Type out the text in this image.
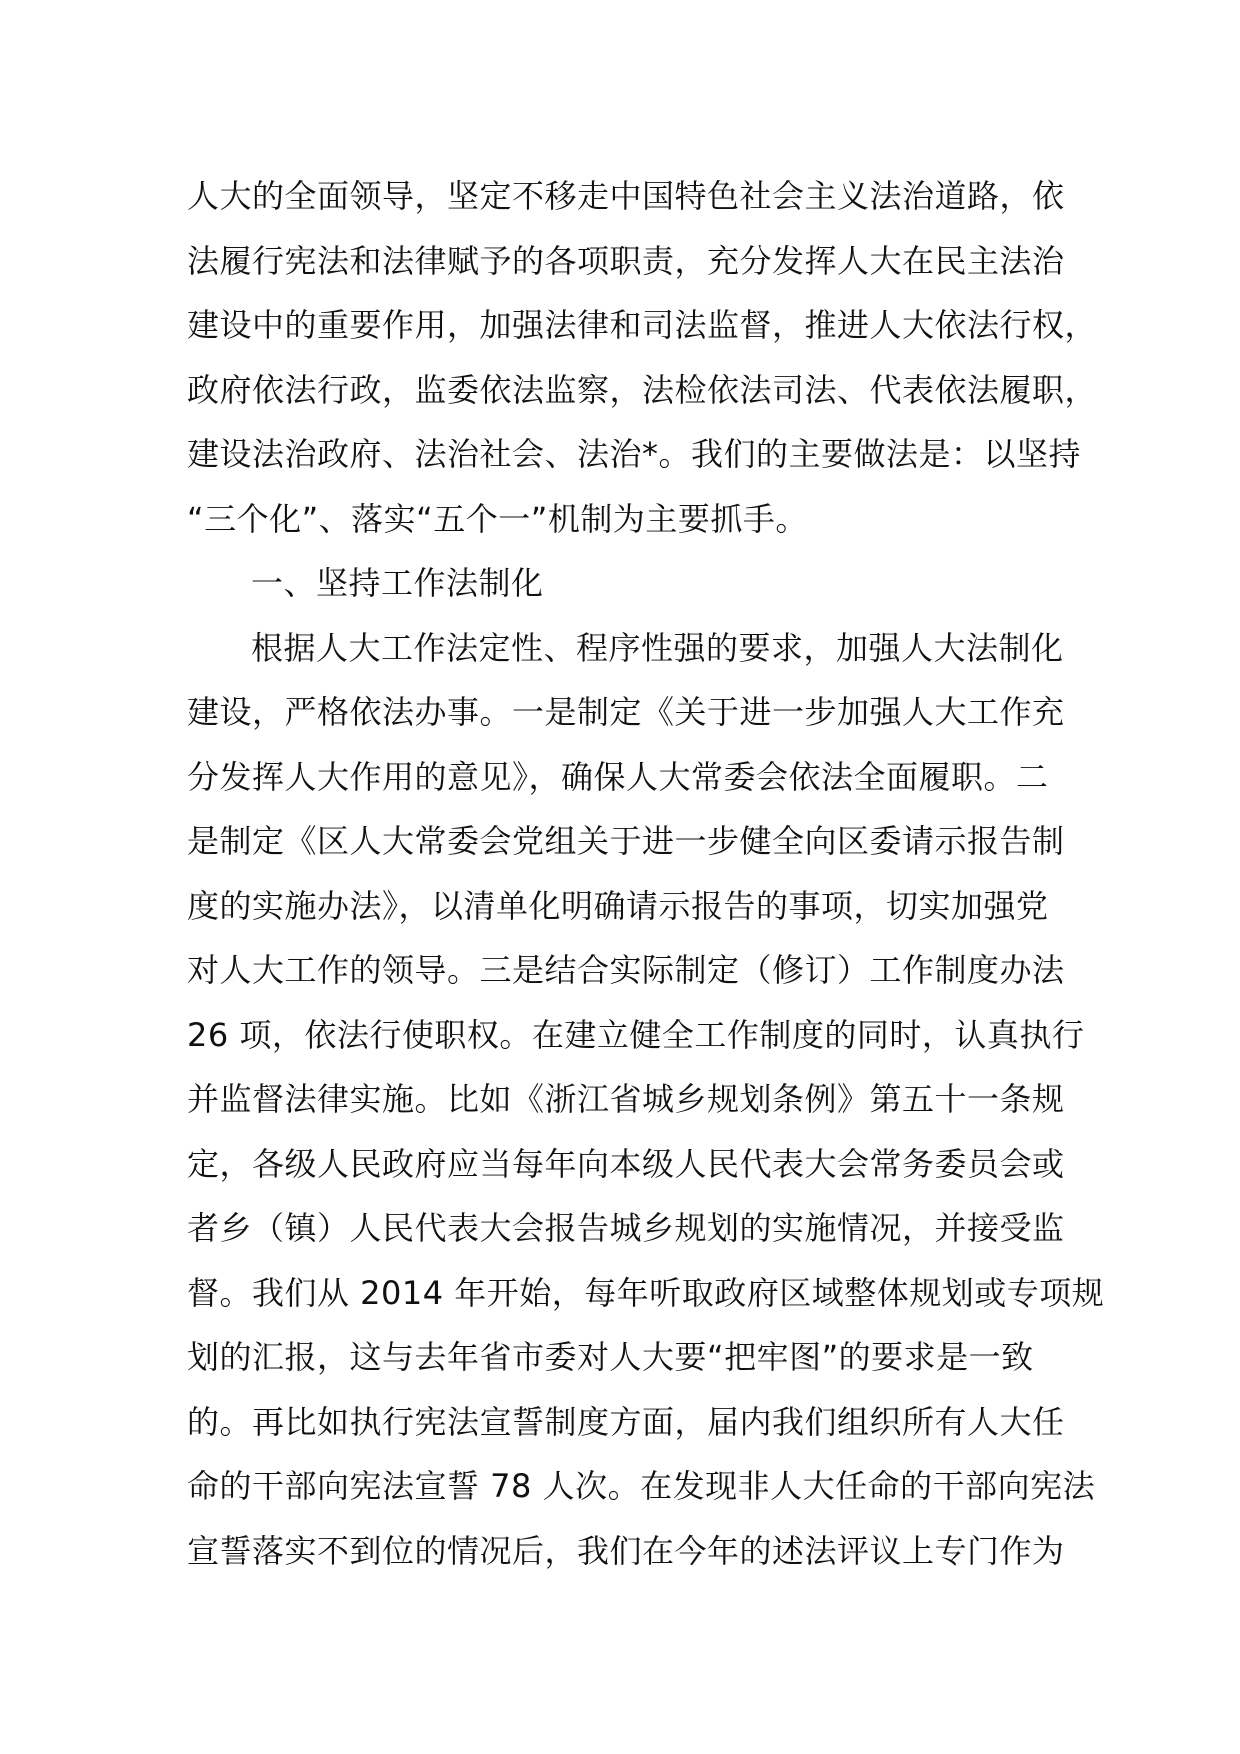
人大的全面领导，坚定不移走中国特色社会主义法治道路，依
法履行宪法和法律赋予的各项职责，充分发挥人大在民主法治
建设中的重要作用，加强法律和司法监督，推进人大依法行权，
政府依法行政，监委依法监察，法检依法司法、代表依法履职，
建设法治政府、法治社会、法治*。我们的主要做法是：以坚持
“三个化”、落实“五个一”机制为主要抓手。
一、坚持工作法制化
根据人大工作法定性、程序性强的要求，加强人大法制化
建设，严格依法办事。一是制定《关于进一步加强人大工作充
分发挥人大作用的意见》，确保人大常委会依法全面履职。二
是制定《区人大常委会党组关于进一步健全向区委请示报告制
度的实施办法》，以清单化明确请示报告的事项，切实加强党
对人大工作的领导。三是结合实际制定（修订）工作制度办法
26 项，依法行使职权。在建立健全工作制度的同时，认真执行
并监督法律实施。比如《浙江省城乡规划条例》第五十一条规
定，各级人民政府应当每年向本级人民代表大会常务委员会或
者乡（镇）人民代表大会报告城乡规划的实施情况，并接受监
督。我们从 2014 年开始，每年听取政府区域整体规划或专项规
划的汇报，这与去年省市委对人大要“把牢图”的要求是一致
的。再比如执行宪法宣誓制度方面，届内我们组织所有人大任
命的干部向宪法宣誓 78 人次。在发现非人大任命的干部向宪法
宣誓落实不到位的情况后，我们在今年的述法评议上专门作为
